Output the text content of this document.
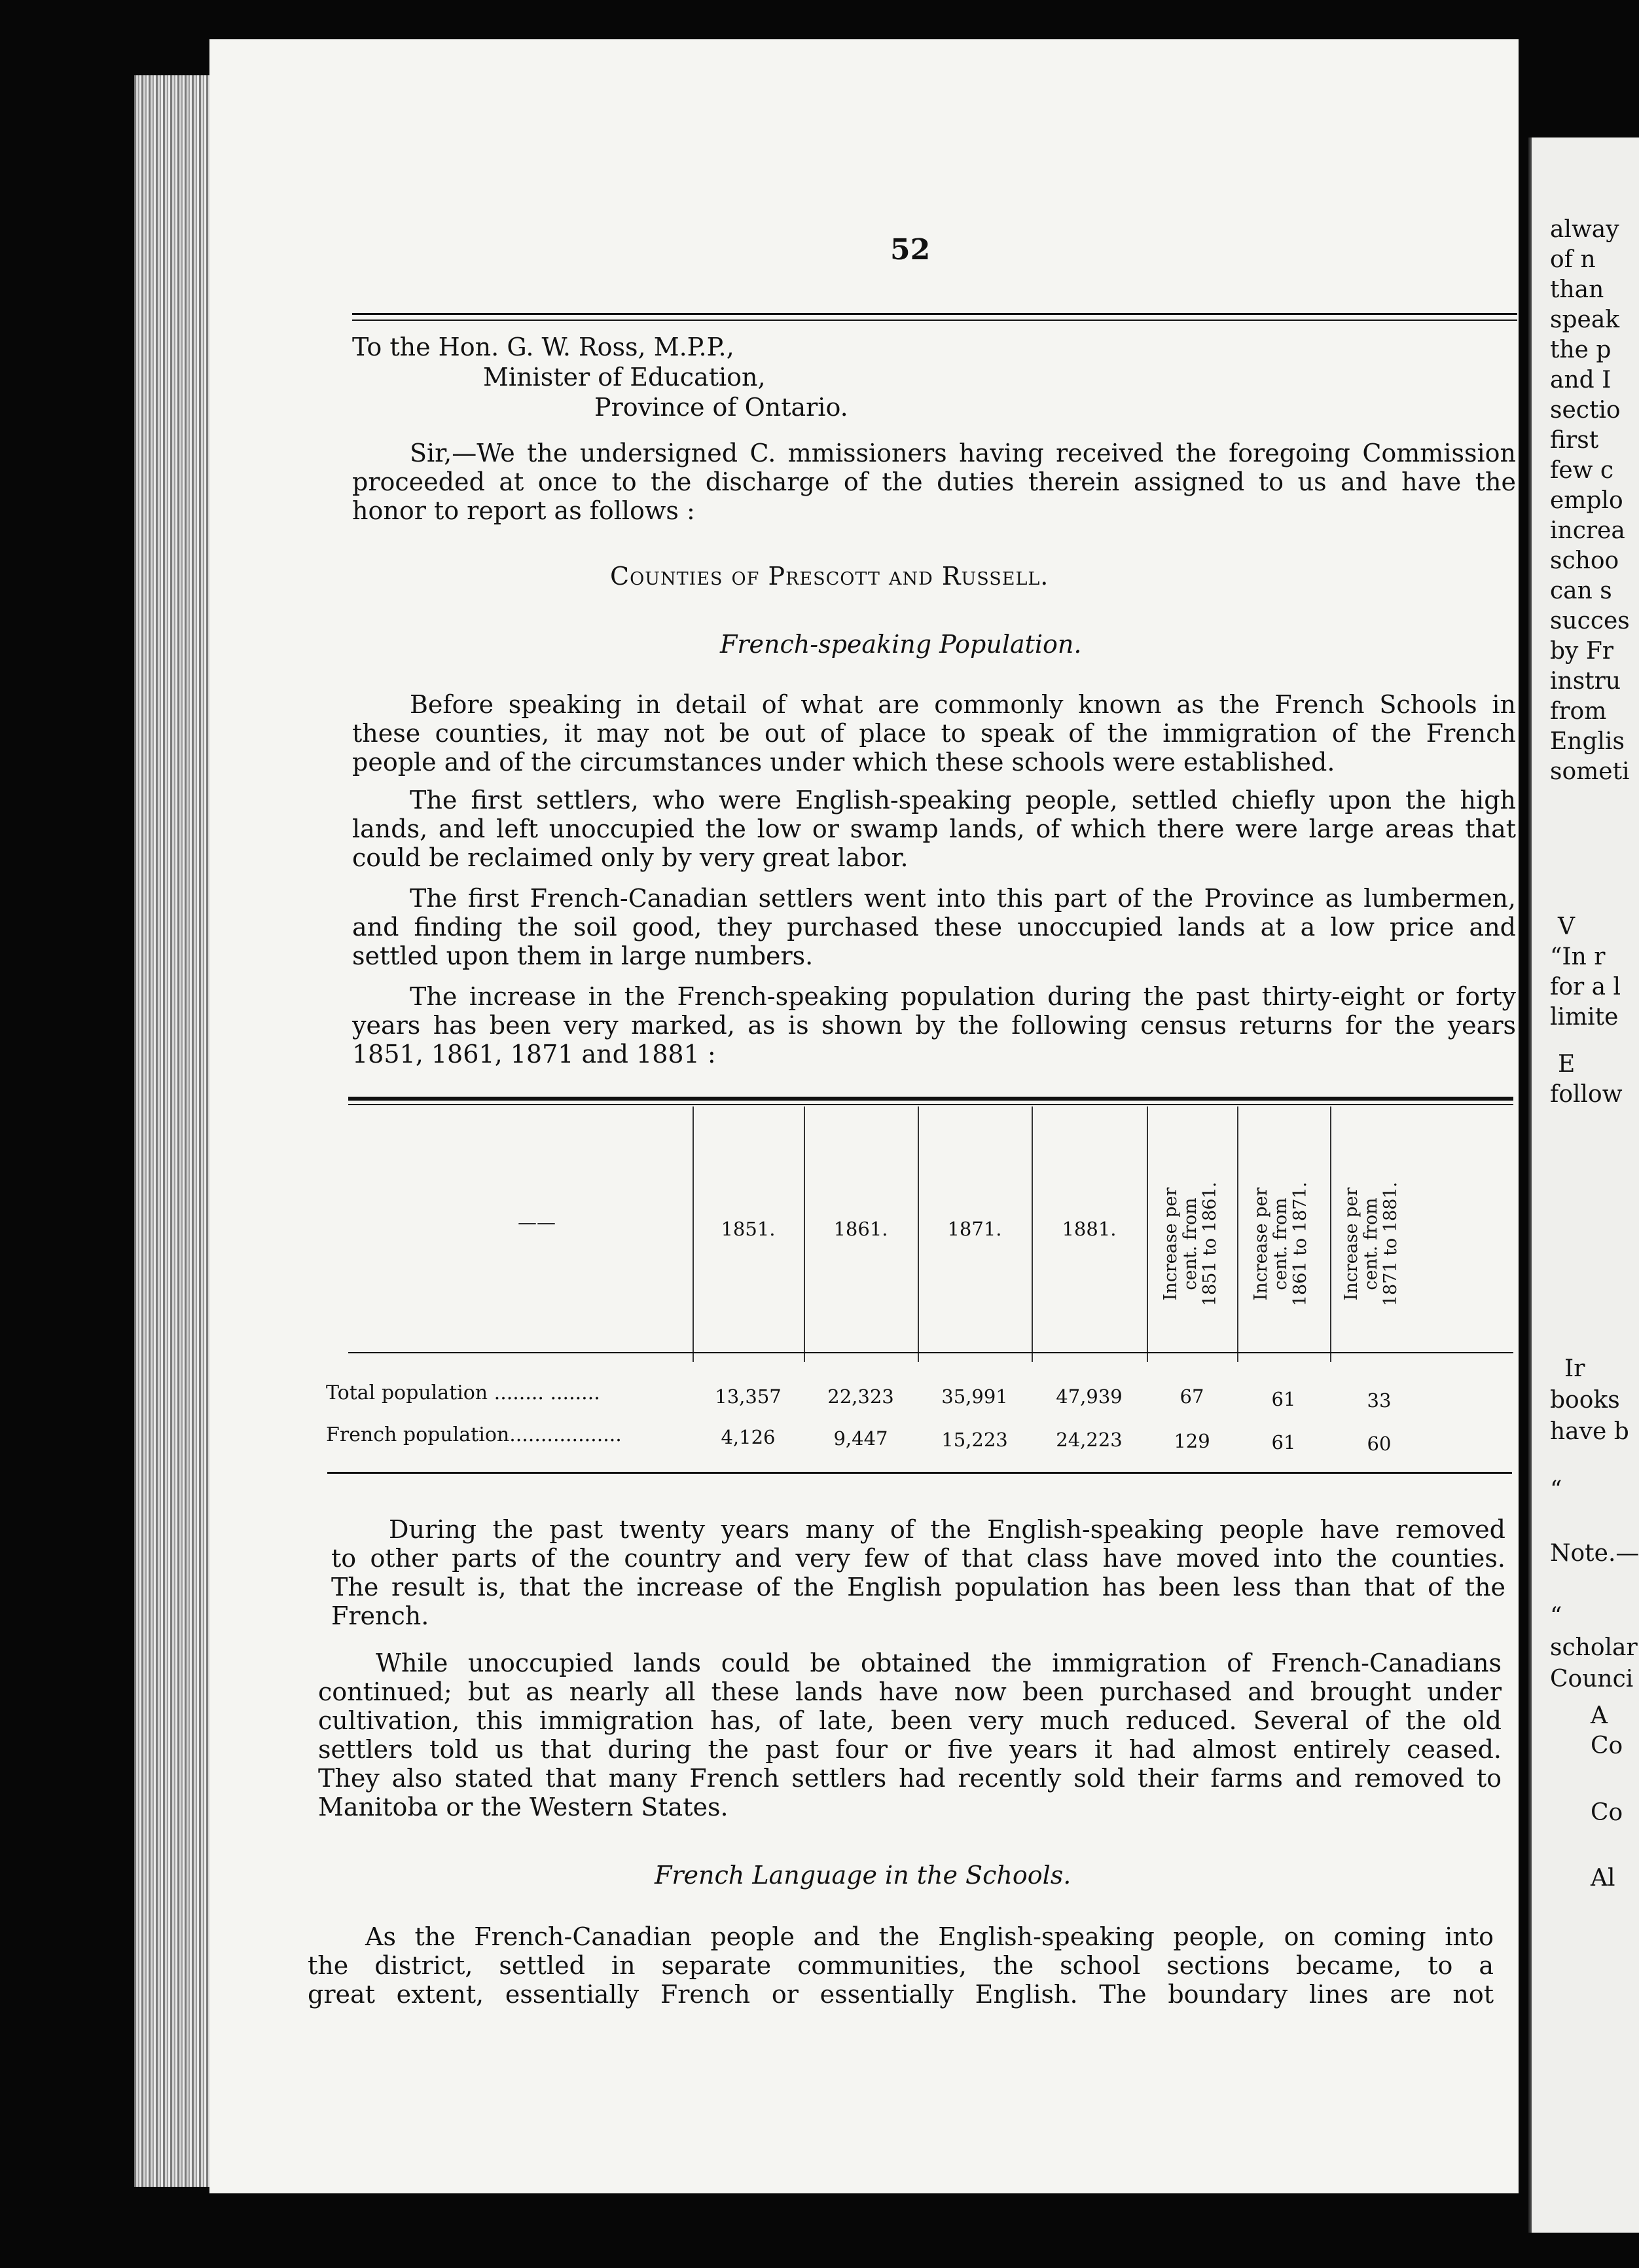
alway
of n
than
speak
the p
and I
sectio
first
few c
emplo
increa
schoo
can s
succes
by Fr
instru
from
Englis
someti
V
“In r
for a l
limite
E
follow
Ir
books
have b
“
Note.—
“
scholar
Counci
A
Co
Co
Al
52
To the Hon. G. W. Ross, M.P.P.,
Minister of Education,
Province of Ontario.
Sir,—We the undersigned C. mmissioners having received the foregoing Commission
proceeded at once to the discharge of the duties therein assigned to us and have the
honor to report as follows :
Counties of Prescott and Russell.
French-speaking Population.
Before speaking in detail of what are commonly known as the French Schools in
these counties, it may not be out of place to speak of the immigration of the French
people and of the circumstances under which these schools were established.
The first settlers, who were English-speaking people, settled chiefly upon the high
lands, and left unoccupied the low or swamp lands, of which there were large areas that
could be reclaimed only by very great labor.
The first French-Canadian settlers went into this part of the Province as lumbermen,
and finding the soil good, they purchased these unoccupied lands at a low price and
settled upon them in large numbers.
The increase in the French-speaking population during the past thirty-eight or forty
years has been very marked, as is shown by the following census returns for the years
1851, 1861, 1871 and 1881 :
——	1851.	1861.	1871.	1881.	Increase per cent. from 1851 to 1861. Increase per cent. from 1861 to 1871. Increase per cent. from 1871 to 1881.
Total population ........ ........	13,357	22,323	35,991	47,939	67	61	33
French population..................	4,126	9,447	15,223	24,223	129	61	60
During the past twenty years many of the English-speaking people have removed
to other parts of the country and very few of that class have moved into the counties.
The result is, that the increase of the English population has been less than that of the
French.
While unoccupied lands could be obtained the immigration of French-Canadians
continued; but as nearly all these lands have now been purchased and brought under
cultivation, this immigration has, of late, been very much reduced. Several of the old
settlers told us that during the past four or five years it had almost entirely ceased.
They also stated that many French settlers had recently sold their farms and removed to
Manitoba or the Western States.
French Language in the Schools.
As the French-Canadian people and the English-speaking people, on coming into
the district, settled in separate communities, the school sections became, to a
great extent, essentially French or essentially English. The boundary lines are not
